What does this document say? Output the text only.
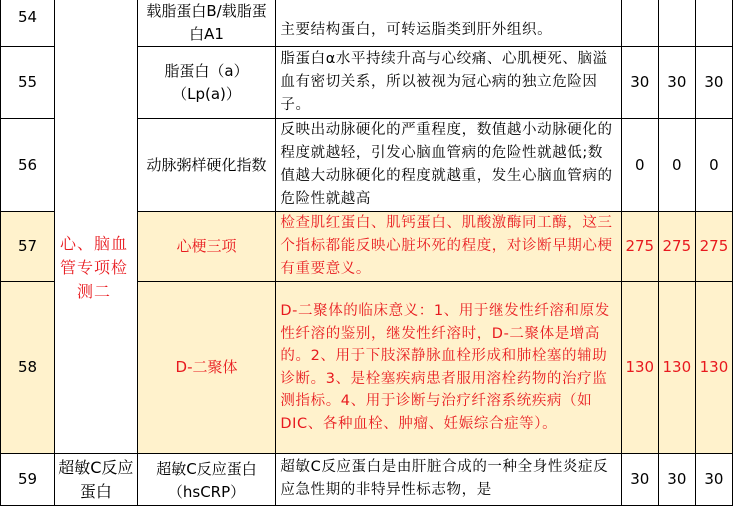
54		载脂蛋白B/载脂蛋白A1	主要结构蛋白，可转运脂类到肝外组织。			
55		脂蛋白（a）（Lp(a)）	脂蛋白α水平持续升高与心绞痛、心肌梗死、脑溢血有密切关系，所以被视为冠心病的独立危险因子。	30	30	30
56		动脉粥样硬化指数	反映出动脉硬化的严重程度，数值越小动脉硬化的程度就越轻，引发心脑血管病的危险性就越低;数值越大动脉硬化的程度就越重，发生心脑血管病的危险性就越高	0	0	0
57		心梗三项	检查肌红蛋白、肌钙蛋白、肌酸激酶同工酶，这三个指标都能反映心脏坏死的程度，对诊断早期心梗有重要意义。	275	275	275
58		D-二聚体	D-二聚体的临床意义：1、用于继发性纤溶和原发性纤溶的鉴别，继发性纤溶时，D-二聚体是增高的。2、用于下肢深静脉血栓形成和肺栓塞的辅助诊断。3、是栓塞疾病患者服用溶栓药物的治疗监测指标。4、用于诊断与治疗纤溶系统疾病（如DIC、各种血栓、肿瘤、妊娠综合症等）。	130	130	130
59	超敏C反应蛋白	超敏C反应蛋白（hsCRP）	超敏C反应蛋白是由肝脏合成的一种全身性炎症反应急性期的非特异性标志物，是	30	30	30
心、脑血管专项检测二
